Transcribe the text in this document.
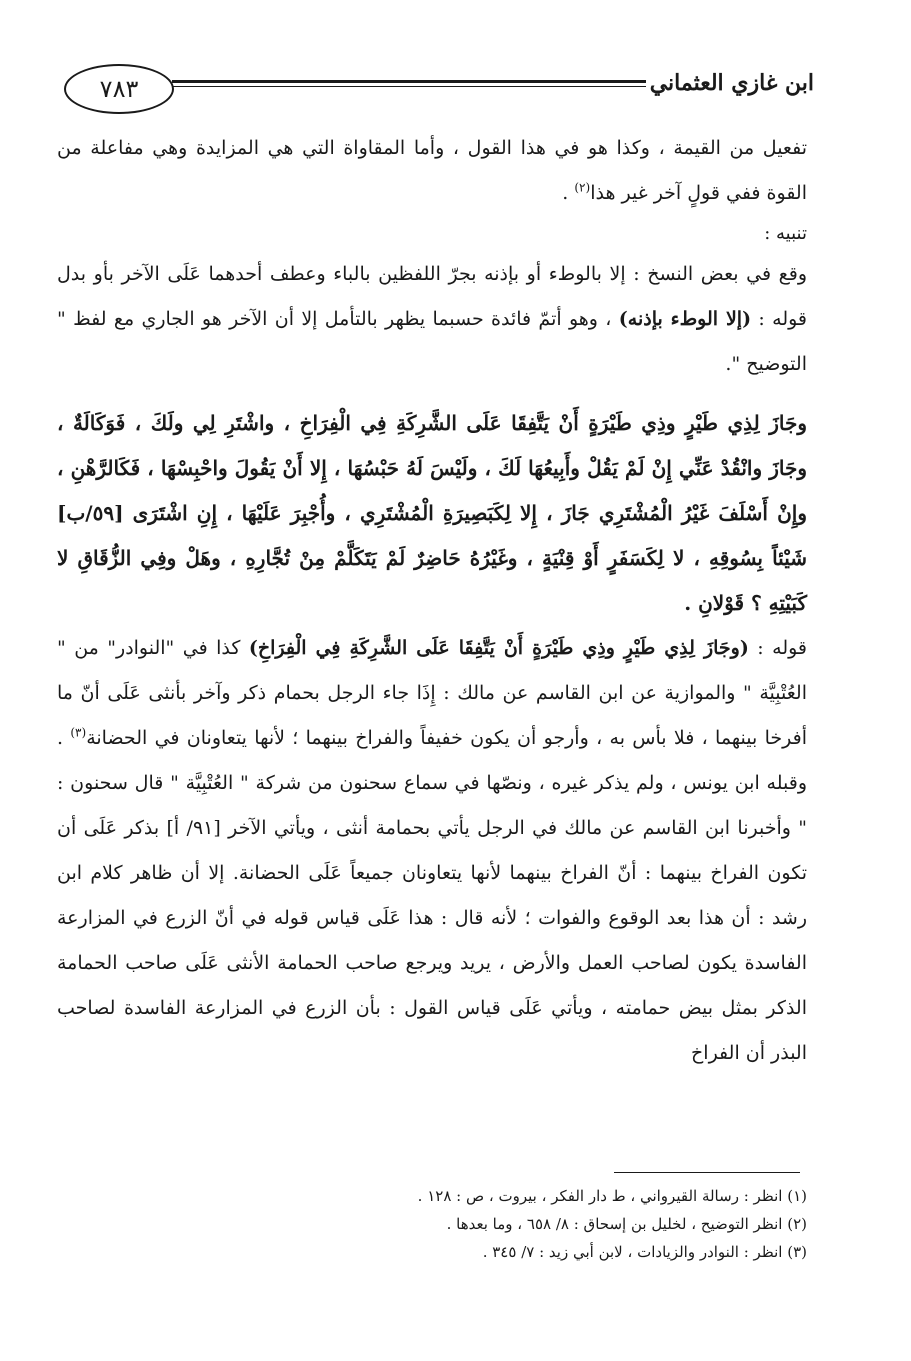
٧٨٣	ابن غازي العثماني

تفعيل من القيمة ، وكذا هو في هذا القول ، وأما المقاواة التي هي المزايدة وهي مفاعلة من القوة ففي قولٍ آخر غير هذا$^{(٢)}$ .

تنبيه :

وقع في بعض النسخ : إلا بالوطء أو بإذنه بجرّ اللفظين بالباء وعطف أحدهما عَلَى الآخر بأو بدل قوله : (إلا الوطء بإذنه) ، وهو أتمّ فائدة حسبما يظهر بالتأمل إلا أن الآخر هو الجاري مع لفظ " التوضيح ".

وجَازَ لِذِي طَيْرٍ وذِي طَيْرَةٍ أَنْ يَتَّفِقَا عَلَى الشَّرِكَةِ فِي الْفِرَاخِ ، واشْتَرِ لِي ولَكَ ، فَوَكَالَةٌ ، وجَازَ وانْقُدْ عَنِّي إِنْ لَمْ يَقُلْ وأَبِيعُهَا لَكَ ، ولَيْسَ لَهُ حَبْسُهَا ، إِلا أَنْ يَقُولَ واحْبِسْهَا ، فَكَالرَّهْنِ ، وإِنْ أَسْلَفَ غَيْرُ الْمُشْتَرِي جَازَ ، إِلا لِكَبَصِيرَةِ الْمُشْتَرِي ، وأُجْبِرَ عَلَيْهَا ، إِنِ اشْتَرَى [٥٩/ب] شَيْئاً بِسُوقِهِ ، لا لِكَسَفَرٍ أَوْ قِنْيَةٍ ، وغَيْرُهُ حَاضِرٌ لَمْ يَتَكَلَّمْ مِنْ تُجَّارِهِ ، وهَلْ وفِي الزُّقَاقِ لا كَبَيْتِهِ ؟ قَوْلانِ .

قوله : (وجَازَ لِذِي طَيْرٍ وذِي طَيْرَةٍ أَنْ يَتَّفِقَا عَلَى الشَّرِكَةِ فِي الْفِرَاخِ) كذا في "النوادر" من " العُتْبِيَّة " والموازية عن ابن القاسم عن مالك : إِذَا جاء الرجل بحمام ذكر وآخر بأنثى عَلَى أنّ ما أفرخا بينهما ، فلا بأس به ، وأرجو أن يكون خفيفاً والفراخ بينهما ؛ لأنها يتعاونان في الحضانة$^{(٣)}$ . وقبله ابن يونس ، ولم يذكر غيره ، ونصّها في سماع سحنون من شركة " العُتْبِيَّة " قال سحنون : " وأخبرنا ابن القاسم عن مالك في الرجل يأتي بحمامة أنثى ، ويأتي الآخر [٩١/ أ] بذكر عَلَى أن تكون الفراخ بينهما : أنّ الفراخ بينهما لأنها يتعاونان جميعاً عَلَى الحضانة. إلا أن ظاهر كلام ابن رشد : أن هذا بعد الوقوع والفوات ؛ لأنه قال : هذا عَلَى قياس قوله في أنّ الزرع في المزارعة الفاسدة يكون لصاحب العمل والأرض ، يريد ويرجع صاحب الحمامة الأنثى عَلَى صاحب الحمامة الذكر بمثل بيض حمامته ، ويأتي عَلَى قياس القول : بأن الزرع في المزارعة الفاسدة لصاحب البذر أن الفراخ

(١) انظر : رسالة القيرواني ، ط دار الفكر ، بيروت ، ص : ١٢٨ .
(٢) انظر التوضيح ، لخليل بن إسحاق : ٨/ ٦٥٨ ، وما بعدها .
(٣) انظر : النوادر والزيادات ، لابن أبي زيد : ٧/ ٣٤٥ .
